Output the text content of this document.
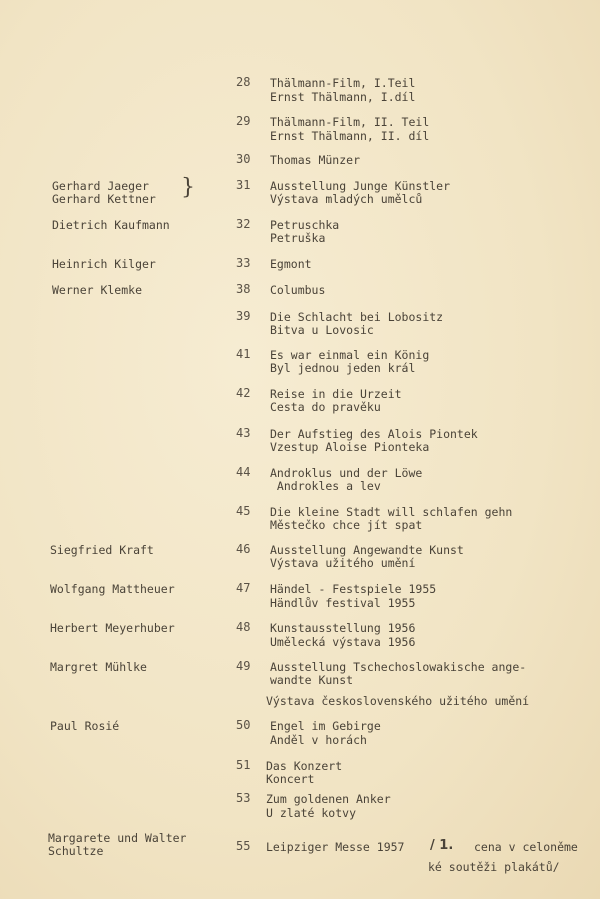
28 Thälmann-Film, I.Teil
Ernst Thälmann, I.díl
29 Thälmann-Film, II. Teil
Ernst Thälmann, II. díl
30 Thomas Münzer
Gerhard Jaeger
Gerhard Kettner }	31 Ausstellung Junge Künstler
Výstava mladých umělců
Dietrich Kaufmann	32 Petruschka
Petruška
Heinrich Kilger	33 Egmont
Werner Klemke	38 Columbus
39 Die Schlacht bei Lobositz
Bitva u Lovosic
41 Es war einmal ein König
Byl jednou jeden král
42 Reise in die Urzeit
Cesta do pravěku
43 Der Aufstieg des Alois Piontek
Vzestup Aloise Pionteka
44 Androklus und der Löwe
Androkles a lev
45 Die kleine Stadt will schlafen gehn
Městečko chce jít spat
Siegfried Kraft	46 Ausstellung Angewandte Kunst
Výstava užitého umění
Wolfgang Mattheuer	47 Händel - Festspiele 1955
Händlův festival 1955
Herbert Meyerhuber	48 Kunstausstellung 1956
Umělecká výstava 1956
Margret Mühlke	49 Ausstellung Tschechoslowakische ange-
wandte Kunst
Výstava československého užitého umění
Paul Rosié	50 Engel im Gebirge
Anděl v horách
51 Das Konzert
Koncert
53 Zum goldenen Anker
U zlaté kotvy
Margarete und Walter
Schultze	55 Leipziger Messe 1957 / 1. cena v celoněme
ké soutěži plakátů/
